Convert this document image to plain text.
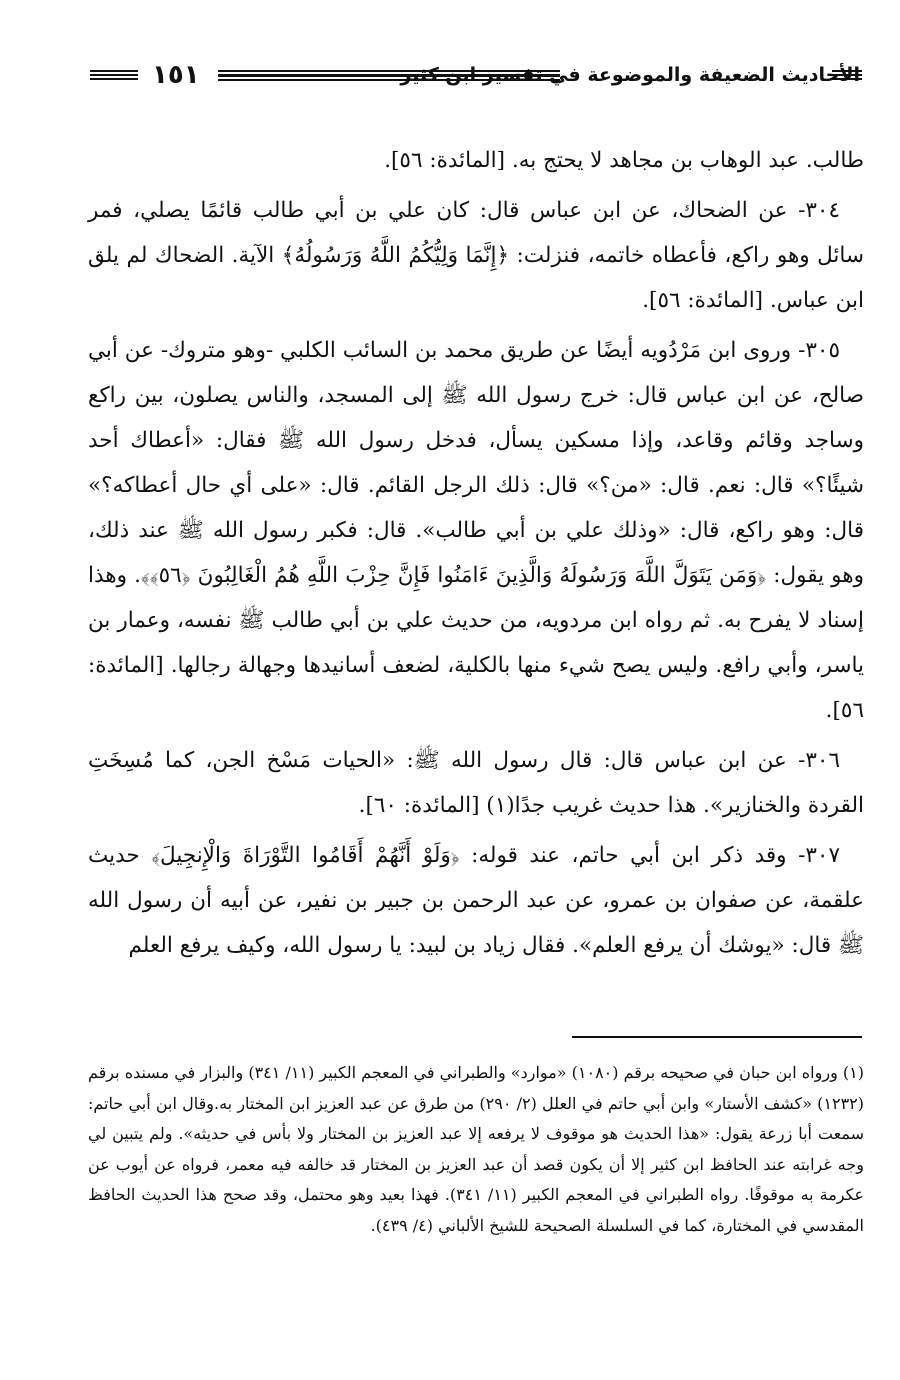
الأحاديث الضعيفة والموضوعة في تفسير ابن كثير
١٥١

طالب. عبد الوهاب بن مجاهد لا يحتج به. [المائدة: ٥٦].

٣٠٤- عن الضحاك، عن ابن عباس قال: كان علي بن أبي طالب قائمًا يصلي، فمر سائل وهو راكع، فأعطاه خاتمه، فنزلت: ﴿إِنَّمَا وَلِيُّكُمُ اللَّهُ وَرَسُولُهُ﴾ الآية. الضحاك لم يلق ابن عباس. [المائدة: ٥٦].

٣٠٥- وروى ابن مَرْدُويه أيضًا عن طريق محمد بن السائب الكلبي -وهو متروك- عن أبي صالح، عن ابن عباس قال: خرج رسول الله ﷺ إلى المسجد، والناس يصلون، بين راكع وساجد وقائم وقاعد، وإذا مسكين يسأل، فدخل رسول الله ﷺ فقال: «أعطاك أحد شيئًا؟» قال: نعم. قال: «من؟» قال: ذلك الرجل القائم. قال: «على أي حال أعطاكه؟» قال: وهو راكع، قال: «وذلك علي بن أبي طالب». قال: فكبر رسول الله ﷺ عند ذلك، وهو يقول: ﴿وَمَن يَتَوَلَّ اللَّهَ وَرَسُولَهُ وَالَّذِينَ ءَامَنُوا فَإِنَّ حِزْبَ اللَّهِ هُمُ الْغَالِبُونَ ﴿٥٦﴾﴾. وهذا إسناد لا يفرح به. ثم رواه ابن مردويه، من حديث علي بن أبي طالب ﷺ نفسه، وعمار بن ياسر، وأبي رافع. وليس يصح شيء منها بالكلية، لضعف أسانيدها وجهالة رجالها. [المائدة: ٥٦].

٣٠٦- عن ابن عباس قال: قال رسول الله ﷺ: «الحيات مَسْخ الجن، كما مُسِخَتِ القردة والخنازير». هذا حديث غريب جدًا(١) [المائدة: ٦٠].

٣٠٧- وقد ذكر ابن أبي حاتم، عند قوله: ﴿وَلَوْ أَنَّهُمْ أَقَامُوا التَّوْرَاةَ وَالْإِنجِيلَ﴾ حديث علقمة، عن صفوان بن عمرو، عن عبد الرحمن بن جبير بن نفير، عن أبيه أن رسول الله ﷺ قال: «يوشك أن يرفع العلم». فقال زياد بن لبيد: يا رسول الله، وكيف يرفع العلم

(١) ورواه ابن حبان في صحيحه برقم (١٠٨٠) «موارد» والطبراني في المعجم الكبير (١١/ ٣٤١) والبزار في مسنده برقم (١٢٣٢) «كشف الأستار» وابن أبي حاتم في العلل (٢/ ٢٩٠) من طرق عن عبد العزيز ابن المختار به.وقال ابن أبي حاتم: سمعت أبا زرعة يقول: «هذا الحديث هو موقوف لا يرفعه إلا عبد العزيز بن المختار ولا بأس في حديثه». ولم يتبين لي وجه غرابته عند الحافظ ابن كثير إلا أن يكون قصد أن عبد العزيز بن المختار قد خالفه فيه معمر، فرواه عن أيوب عن عكرمة به موقوفًا. رواه الطبراني في المعجم الكبير (١١/ ٣٤١). فهذا بعيد وهو محتمل، وقد صحح هذا الحديث الحافظ المقدسي في المختارة، كما في السلسلة الصحيحة للشيخ الألباني (٤/ ٤٣٩).
